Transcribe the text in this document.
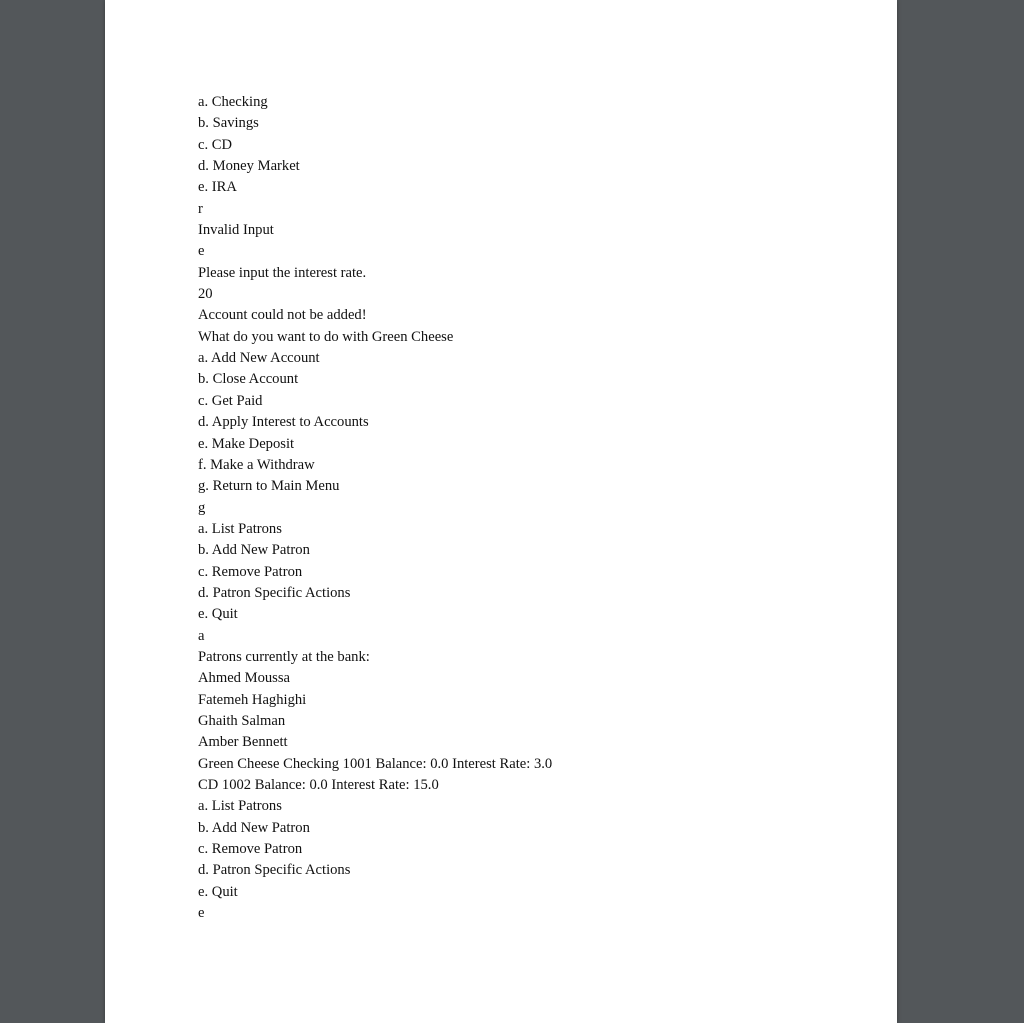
a. Checking
b. Savings
c. CD
d. Money Market
e. IRA
r
Invalid Input
e
Please input the interest rate.
20
Account could not be added!
What do you want to do with Green Cheese
a. Add New Account
b. Close Account
c. Get Paid
d. Apply Interest to Accounts
e. Make Deposit
f. Make a Withdraw
g. Return to Main Menu
g
a. List Patrons
b. Add New Patron
c. Remove Patron
d. Patron Specific Actions
e. Quit
a
Patrons currently at the bank:
Ahmed Moussa
Fatemeh Haghighi
Ghaith Salman
Amber Bennett
Green Cheese Checking 1001 Balance: 0.0 Interest Rate: 3.0
CD 1002 Balance: 0.0 Interest Rate: 15.0
a. List Patrons
b. Add New Patron
c. Remove Patron
d. Patron Specific Actions
e. Quit
e
